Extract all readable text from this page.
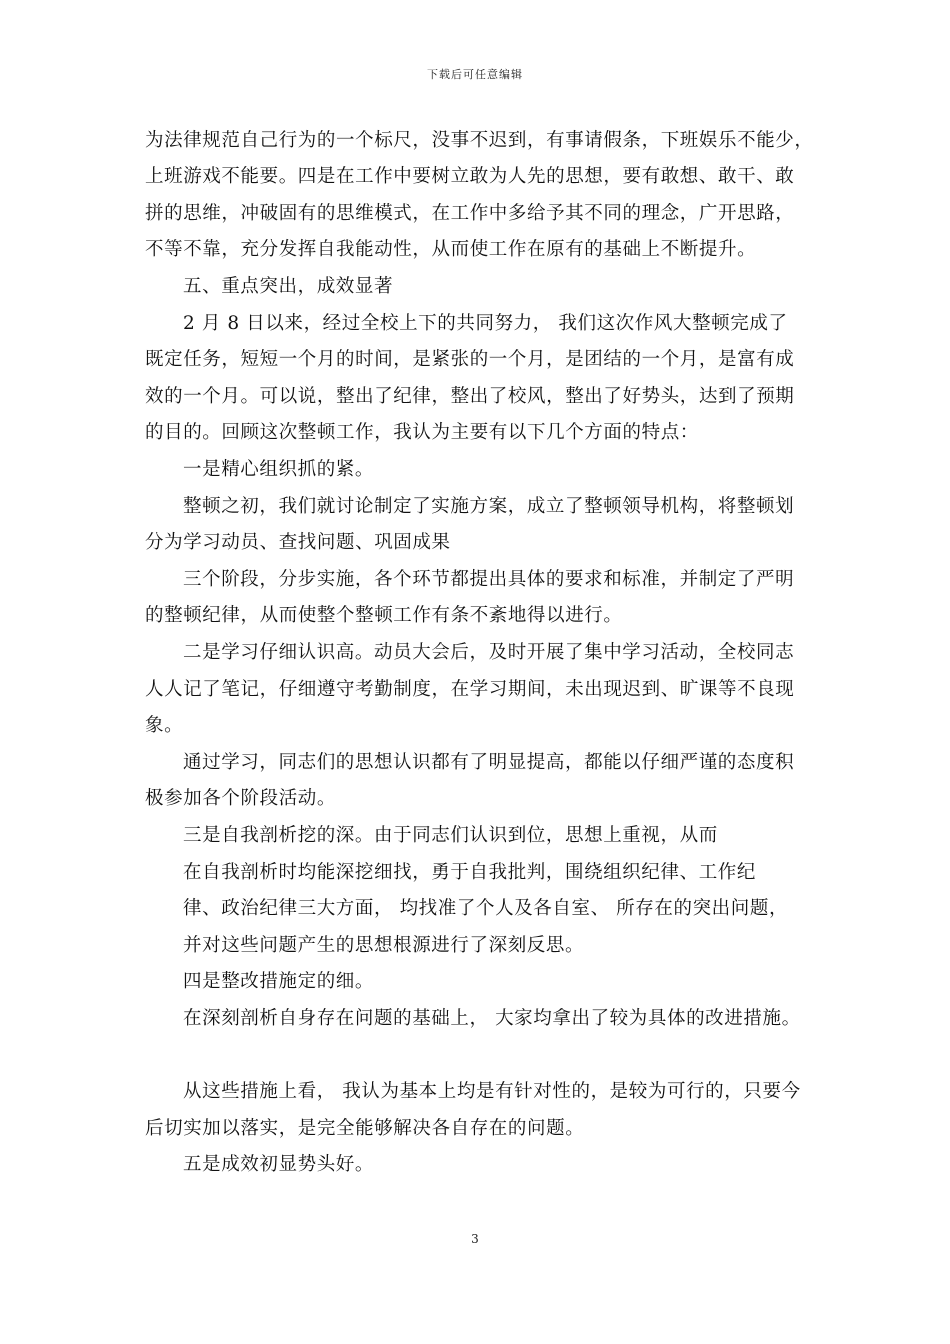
下载后可任意编辑
为法律规范自己行为的一个标尺，没事不迟到，有事请假条，下班娱乐不能少，
上班游戏不能要。四是在工作中要树立敢为人先的思想，要有敢想、敢干、敢
拼的思维，冲破固有的思维模式，在工作中多给予其不同的理念，广开思路，
不等不靠，充分发挥自我能动性，从而使工作在原有的基础上不断提升。
五、重点突出，成效显著
2 月 8 日以来，经过全校上下的共同努力， 我们这次作风大整顿完成了
既定任务，短短一个月的时间，是紧张的一个月，是团结的一个月，是富有成
效的一个月。可以说，整出了纪律，整出了校风，整出了好势头，达到了预期
的目的。回顾这次整顿工作，我认为主要有以下几个方面的特点：
一是精心组织抓的紧。
整顿之初，我们就讨论制定了实施方案，成立了整顿领导机构，将整顿划
分为学习动员、查找问题、巩固成果
三个阶段，分步实施，各个环节都提出具体的要求和标准，并制定了严明
的整顿纪律，从而使整个整顿工作有条不紊地得以进行。
二是学习仔细认识高。动员大会后，及时开展了集中学习活动，全校同志
人人记了笔记，仔细遵守考勤制度，在学习期间，未出现迟到、旷课等不良现
象。
通过学习，同志们的思想认识都有了明显提高，都能以仔细严谨的态度积
极参加各个阶段活动。
三是自我剖析挖的深。由于同志们认识到位，思想上重视，从而
在自我剖析时均能深挖细找，勇于自我批判，围绕组织纪律、工作纪
律、政治纪律三大方面， 均找准了个人及各自室、 所存在的突出问题，
并对这些问题产生的思想根源进行了深刻反思。
四是整改措施定的细。
在深刻剖析自身存在问题的基础上， 大家均拿出了较为具体的改进措施。
从这些措施上看， 我认为基本上均是有针对性的，是较为可行的，只要今
后切实加以落实，是完全能够解决各自存在的问题。
五是成效初显势头好。
3
